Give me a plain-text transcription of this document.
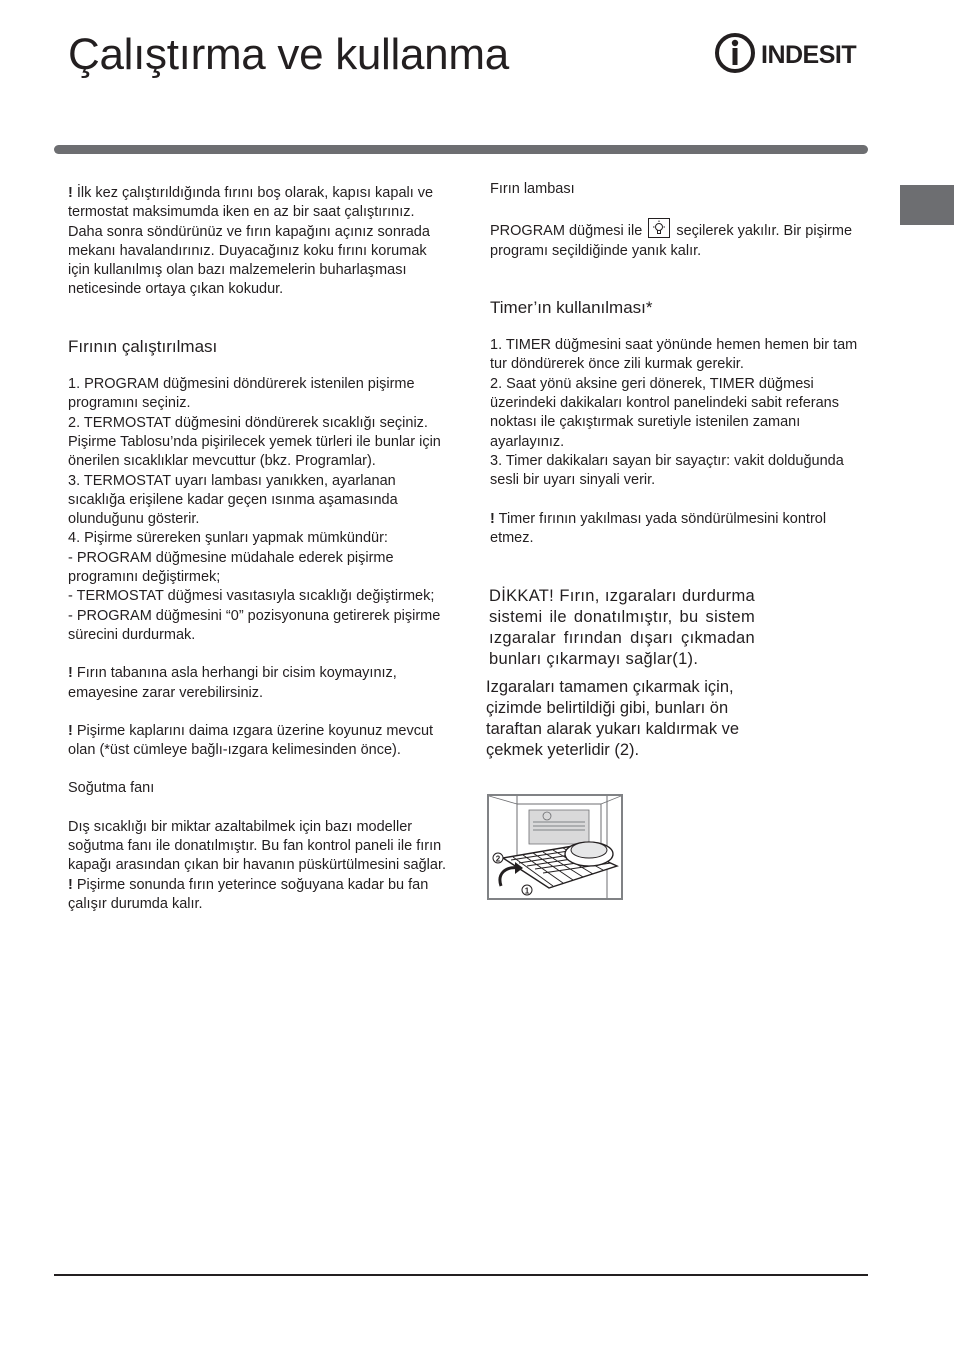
Çalıştırma ve kullanma	INDESIT

! İlk kez çalıştırıldığında fırını boş olarak, kapısı kapalı ve termostat maksimumda iken en az bir saat çalıştırınız. Daha sonra söndürünüz ve fırın kapağını açınız sonrada mekanı havalandırınız. Duyacağınız koku fırını korumak için kullanılmış olan bazı malzemelerin buharlaşması neticesinde ortaya çıkan kokudur.

Fırının çalıştırılması

1. PROGRAM düğmesini döndürerek istenilen pişirme programını seçiniz.

2. TERMOSTAT düğmesini döndürerek sıcaklığı seçiniz. Pişirme Tablosu’nda pişirilecek yemek türleri ile bunlar için önerilen sıcaklıklar mevcuttur (bkz. Programlar).

3. TERMOSTAT uyarı lambası yanıkken, ayarlanan sıcaklığa erişilene kadar geçen ısınma aşamasında olunduğunu gösterir.

4. Pişirme sürereken şunları yapmak mümkündür:

- PROGRAM düğmesine müdahale ederek pişirme programını değiştirmek;

- TERMOSTAT düğmesi vasıtasıyla sıcaklığı değiştirmek;

- PROGRAM düğmesini “0” pozisyonuna getirerek pişirme sürecini durdurmak.

! Fırın tabanına asla herhangi bir cisim koymayınız, emayesine zarar verebilirsiniz.

! Pişirme kaplarını daima ızgara üzerine koyunuz mevcut olan (*üst cümleye bağlı-ızgara kelimesinden önce).

Soğutma fanı

Dış sıcaklığı bir miktar azaltabilmek için bazı modeller soğutma fanı ile donatılmıştır. Bu fan kontrol paneli ile fırın kapağı arasından çıkan bir havanın püskürtülmesini sağlar.

! Pişirme sonunda fırın yeterince soğuyana kadar bu fan çalışır durumda kalır.

Fırın lambası

PROGRAM düğmesi ile seçilerek yakılır. Bir pişirme programı seçildiğinde yanık kalır.

Timer’ın kullanılması*

1. TIMER düğmesini saat yönünde hemen hemen bir tam tur döndürerek önce zili kurmak gerekir.

2. Saat yönü aksine geri dönerek, TIMER düğmesi üzerindeki dakikaları kontrol panelindeki sabit referans noktası ile çakıştırmak suretiyle istenilen zamanı ayarlayınız.

3. Timer dakikaları sayan bir sayaçtır: vakit dolduğunda sesli bir uyarı sinyali verir.

! Timer fırının yakılması yada söndürülmesini kontrol etmez.

DİKKAT! Fırın, ızgaraları durdurma sistemi ile donatılmıştır, bu sistem ızgaralar fırından dışarı çıkmadan bunları çıkarmayı sağlar(1).

Izgaraları tamamen çıkarmak için, çizimde belirtildiği gibi, bunları ön taraftan alarak yukarı kaldırmak ve çekmek yeterlidir (2).

2
1
